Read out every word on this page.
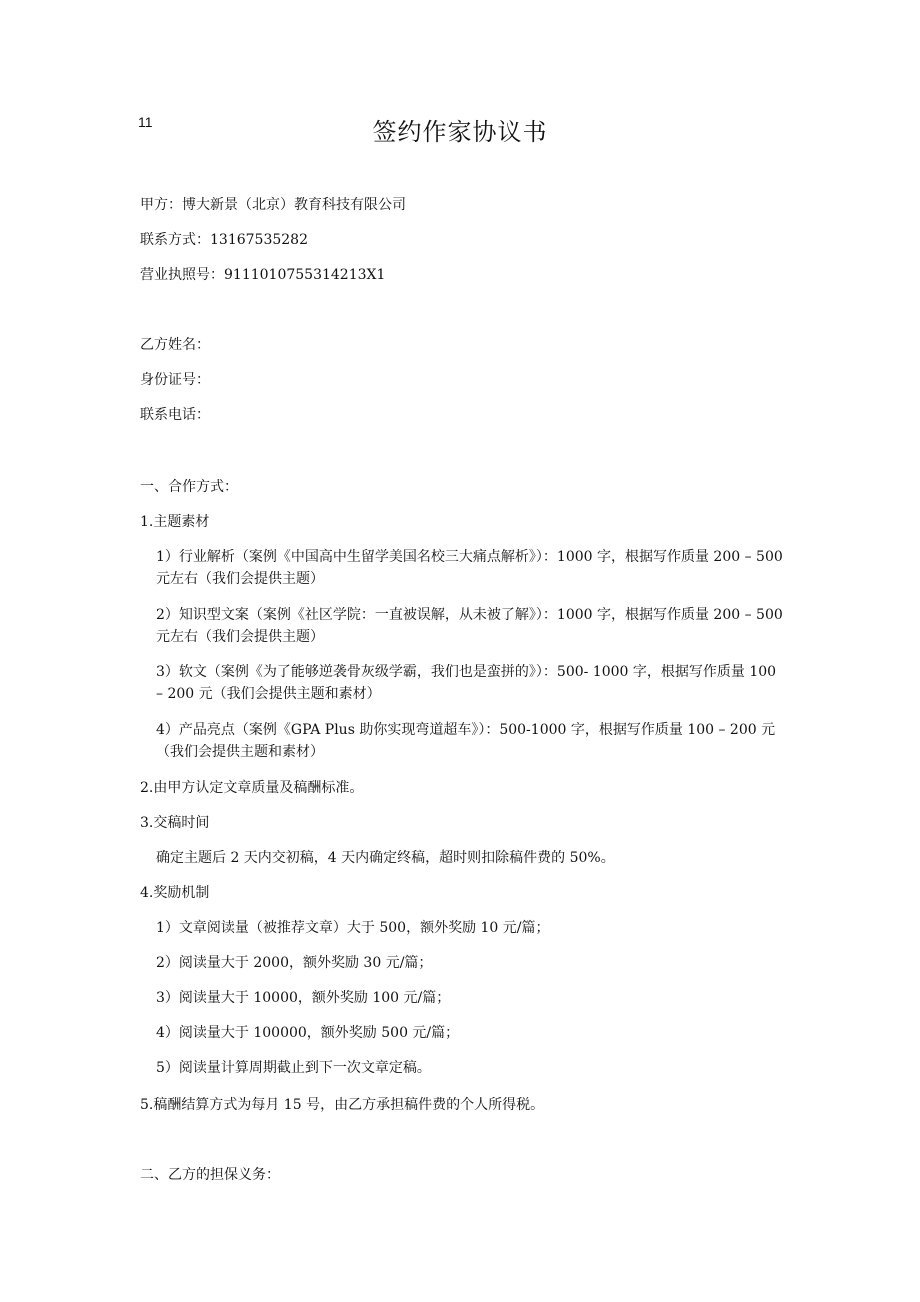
11	签约作家协议书
甲方：博大新景（北京）教育科技有限公司
联系方式：13167535282
营业执照号：9111010755314213X1
乙方姓名：
身份证号：
联系电话：
一、合作方式：
1.主题素材
1）行业解析（案例《中国高中生留学美国名校三大痛点解析》）：1000 字，根据写作质量 200 – 500 元左右（我们会提供主题）
2）知识型文案（案例《社区学院：一直被误解，从未被了解》）：1000 字，根据写作质量 200 – 500 元左右（我们会提供主题）
3）软文（案例《为了能够逆袭骨灰级学霸，我们也是蛮拼的》）：500- 1000 字，根据写作质量 100 – 200 元（我们会提供主题和素材）
4）产品亮点（案例《GPA Plus 助你实现弯道超车》）：500-1000 字，根据写作质量 100 – 200 元（我们会提供主题和素材）
2.由甲方认定文章质量及稿酬标准。
3.交稿时间
确定主题后 2 天内交初稿，4 天内确定终稿，超时则扣除稿件费的 50%。
4.奖励机制
1）文章阅读量（被推荐文章）大于 500，额外奖励 10 元/篇；
2）阅读量大于 2000，额外奖励 30 元/篇；
3）阅读量大于 10000，额外奖励 100 元/篇；
4）阅读量大于 100000，额外奖励 500 元/篇；
5）阅读量计算周期截止到下一次文章定稿。
5.稿酬结算方式为每月 15 号，由乙方承担稿件费的个人所得税。
二、乙方的担保义务：
